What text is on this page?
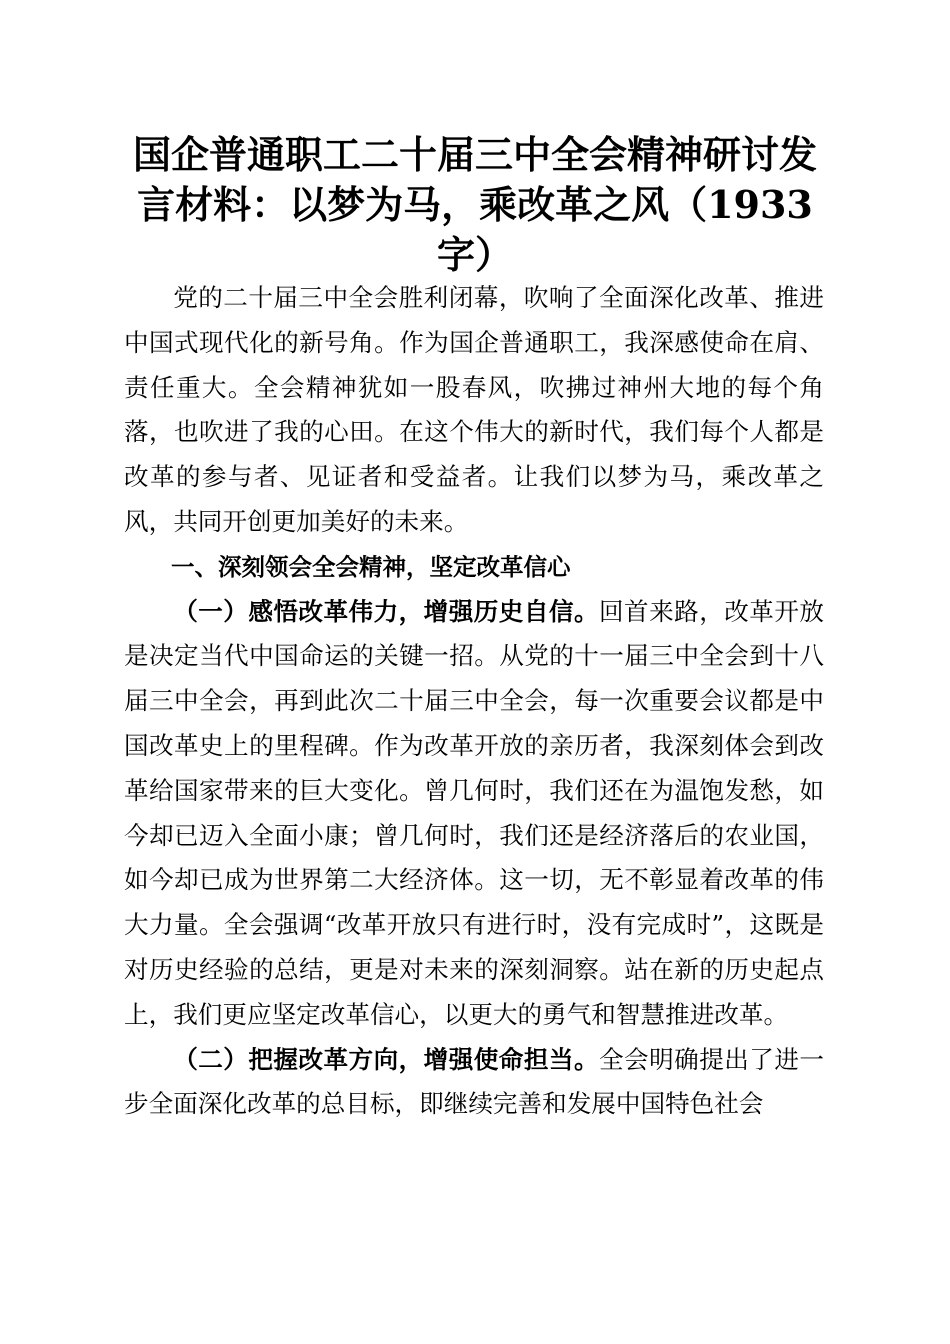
国企普通职工二十届三中全会精神研讨发言材料：以梦为马，乘改革之风（1933字）

党的二十届三中全会胜利闭幕，吹响了全面深化改革、推进中国式现代化的新号角。作为国企普通职工，我深感使命在肩、责任重大。全会精神犹如一股春风，吹拂过神州大地的每个角落，也吹进了我的心田。在这个伟大的新时代，我们每个人都是改革的参与者、见证者和受益者。让我们以梦为马，乘改革之风，共同开创更加美好的未来。

一、深刻领会全会精神，坚定改革信心

（一）感悟改革伟力，增强历史自信。回首来路，改革开放是决定当代中国命运的关键一招。从党的十一届三中全会到十八届三中全会，再到此次二十届三中全会，每一次重要会议都是中国改革史上的里程碑。作为改革开放的亲历者，我深刻体会到改革给国家带来的巨大变化。曾几何时，我们还在为温饱发愁，如今却已迈入全面小康；曾几何时，我们还是经济落后的农业国，如今却已成为世界第二大经济体。这一切，无不彰显着改革的伟大力量。全会强调“改革开放只有进行时，没有完成时”，这既是对历史经验的总结，更是对未来的深刻洞察。站在新的历史起点上，我们更应坚定改革信心，以更大的勇气和智慧推进改革。

（二）把握改革方向，增强使命担当。全会明确提出了进一步全面深化改革的总目标，即继续完善和发展中国特色社会
